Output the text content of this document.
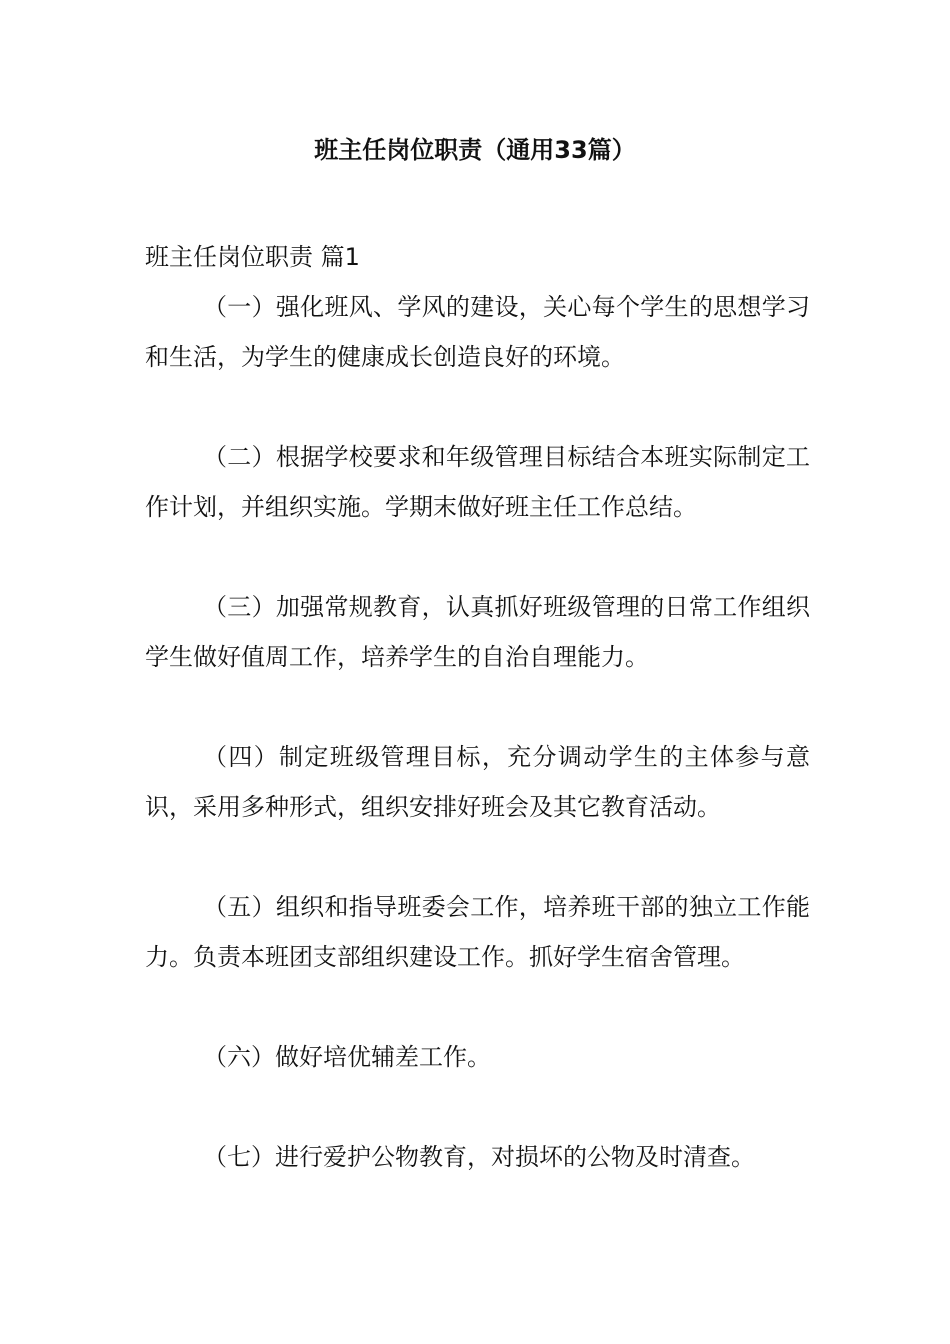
班主任岗位职责（通用33篇）

班主任岗位职责 篇1

（一）强化班风、学风的建设，关心每个学生的思想学习和生活，为学生的健康成长创造良好的环境。

（二）根据学校要求和年级管理目标结合本班实际制定工作计划，并组织实施。学期末做好班主任工作总结。

（三）加强常规教育，认真抓好班级管理的日常工作组织学生做好值周工作，培养学生的自治自理能力。

（四）制定班级管理目标，充分调动学生的主体参与意识，采用多种形式，组织安排好班会及其它教育活动。

（五）组织和指导班委会工作，培养班干部的独立工作能力。负责本班团支部组织建设工作。抓好学生宿舍管理。

（六）做好培优辅差工作。

（七）进行爱护公物教育，对损坏的公物及时清查。
